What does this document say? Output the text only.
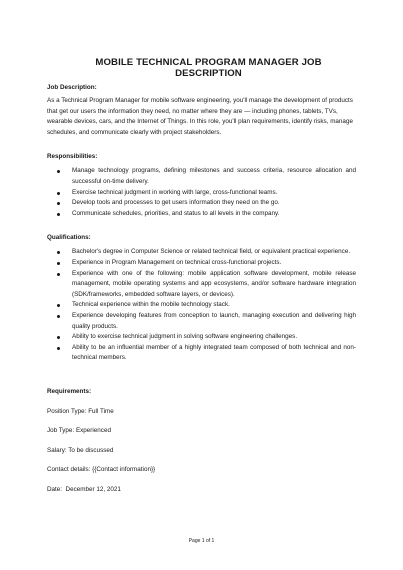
MOBILE TECHNICAL PROGRAM MANAGER JOB DESCRIPTION

Job Description:

As a Technical Program Manager for mobile software engineering, you'll manage the development of products that get our users the information they need, no matter where they are — including phones, tablets, TVs, wearable devices, cars, and the Internet of Things. In this role, you'll plan requirements, identify risks, manage schedules, and communicate clearly with project stakeholders.

Responsibilities:

Manage technology programs, defining milestones and success criteria, resource allocation and successful on-time delivery.
Exercise technical judgment in working with large, cross-functional teams.
Develop tools and processes to get users information they need on the go.
Communicate schedules, priorities, and status to all levels in the company.

Qualifications:

Bachelor's degree in Computer Science or related technical field, or equivalent practical experience.
Experience in Program Management on technical cross-functional projects.
Experience with one of the following: mobile application software development, mobile release management, mobile operating systems and app ecosystems, and/or software hardware integration (SDK/frameworks, embedded software layers, or devices).
Technical experience within the mobile technology stack.
Experience developing features from conception to launch, managing execution and delivering high quality products.
Ability to exercise technical judgment in solving software engineering challenges.
Ability to be an influential member of a highly integrated team composed of both technical and non-technical members.

Requirements:

Position Type: Full Time

Job Type: Experienced

Salary: To be discussed

Contact details: {{Contact information}}

Date:  December 12, 2021

Page 1 of 1
